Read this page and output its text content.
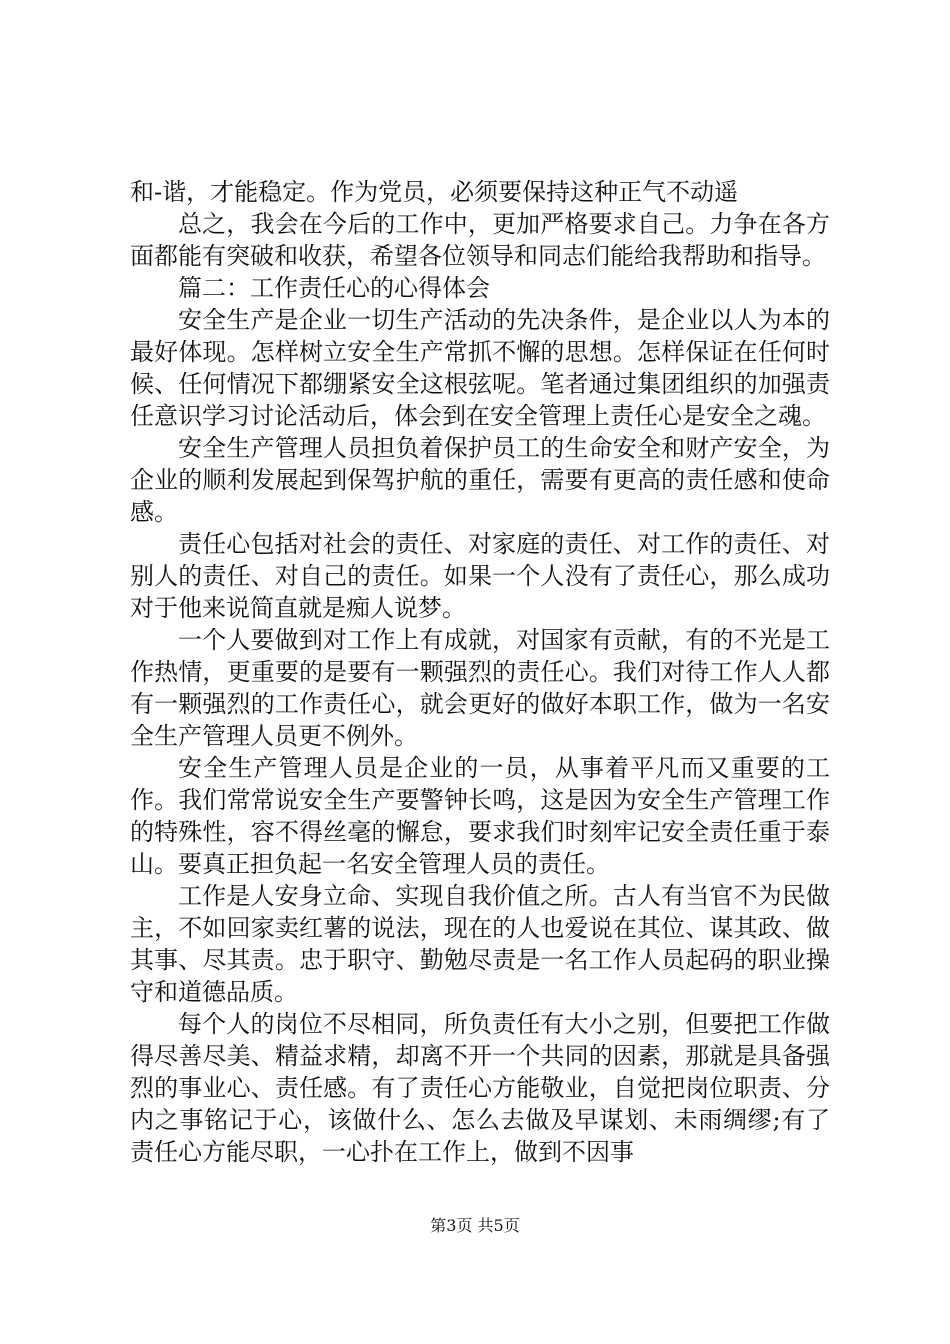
和-谐，才能稳定。作为党员，必须要保持这种正气不动遥

总之，我会在今后的工作中，更加严格要求自己。力争在各方面都能有突破和收获，希望各位领导和同志们能给我帮助和指导。

篇二：工作责任心的心得体会

安全生产是企业一切生产活动的先决条件，是企业以人为本的最好体现。怎样树立安全生产常抓不懈的思想。怎样保证在任何时候、任何情况下都绷紧安全这根弦呢。笔者通过集团组织的加强责任意识学习讨论活动后，体会到在安全管理上责任心是安全之魂。

安全生产管理人员担负着保护员工的生命安全和财产安全，为企业的顺利发展起到保驾护航的重任，需要有更高的责任感和使命感。

责任心包括对社会的责任、对家庭的责任、对工作的责任、对别人的责任、对自己的责任。如果一个人没有了责任心，那么成功对于他来说简直就是痴人说梦。

一个人要做到对工作上有成就，对国家有贡献，有的不光是工作热情，更重要的是要有一颗强烈的责任心。我们对待工作人人都有一颗强烈的工作责任心，就会更好的做好本职工作，做为一名安全生产管理人员更不例外。

安全生产管理人员是企业的一员，从事着平凡而又重要的工作。我们常常说安全生产要警钟长鸣，这是因为安全生产管理工作的特殊性，容不得丝毫的懈怠，要求我们时刻牢记安全责任重于泰山。要真正担负起一名安全管理人员的责任。

工作是人安身立命、实现自我价值之所。古人有当官不为民做主，不如回家卖红薯的说法，现在的人也爱说在其位、谋其政、做其事、尽其责。忠于职守、勤勉尽责是一名工作人员起码的职业操守和道德品质。

每个人的岗位不尽相同，所负责任有大小之别，但要把工作做得尽善尽美、精益求精，却离不开一个共同的因素，那就是具备强烈的事业心、责任感。有了责任心方能敬业，自觉把岗位职责、分内之事铭记于心，该做什么、怎么去做及早谋划、未雨绸缪;有了责任心方能尽职，一心扑在工作上，做到不因事

第3页 共5页
